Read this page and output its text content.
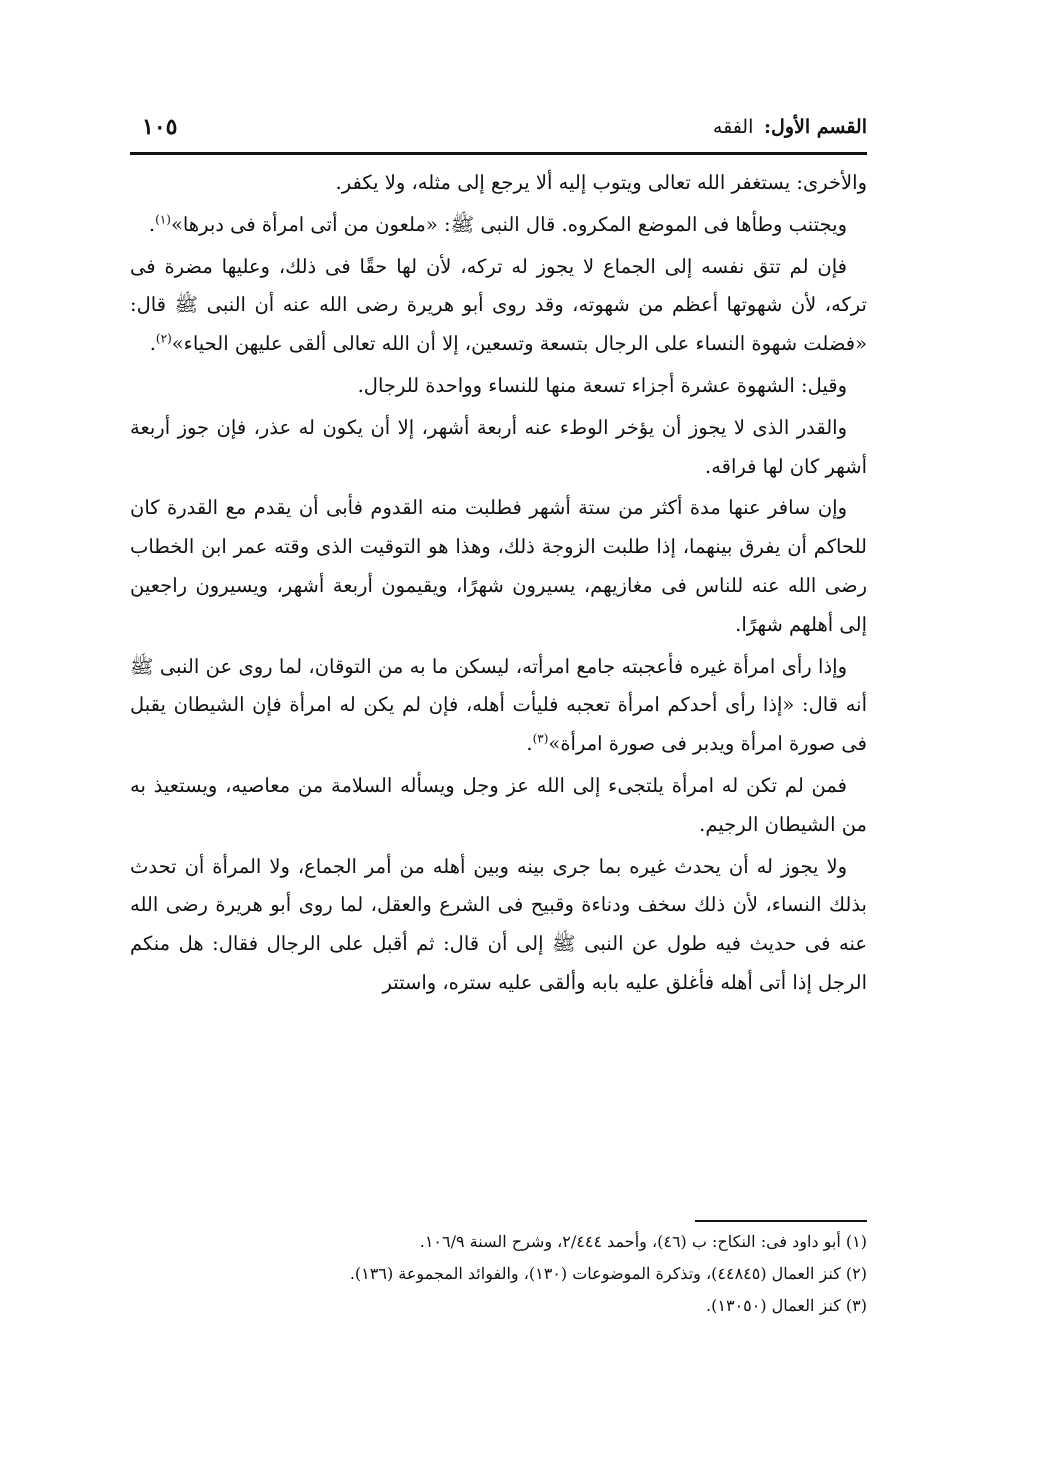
القسم الأول: الفقه
١٠٥

والأخرى: يستغفر الله تعالى ويتوب إليه ألا يرجع إلى مثله، ولا يكفر.

ويجتنب وطأها فى الموضع المكروه. قال النبى ﷺ: «ملعون من أتى امرأة فى دبرها»$^{(١)}$.

فإن لم تتق نفسه إلى الجماع لا يجوز له تركه، لأن لها حقًا فى ذلك، وعليها مضرة فى تركه، لأن شهوتها أعظم من شهوته، وقد روى أبو هريرة رضى الله عنه أن النبى ﷺ قال: «فضلت شهوة النساء على الرجال بتسعة وتسعين، إلا أن الله تعالى ألقى عليهن الحياء»$^{(٢)}$.

وقيل: الشهوة عشرة أجزاء تسعة منها للنساء وواحدة للرجال.

والقدر الذى لا يجوز أن يؤخر الوطء عنه أربعة أشهر، إلا أن يكون له عذر، فإن جوز أربعة أشهر كان لها فراقه.

وإن سافر عنها مدة أكثر من ستة أشهر فطلبت منه القدوم فأبى أن يقدم مع القدرة كان للحاكم أن يفرق بينهما، إذا طلبت الزوجة ذلك، وهذا هو التوقيت الذى وقته عمر ابن الخطاب رضى الله عنه للناس فى مغازيهم، يسيرون شهرًا، ويقيمون أربعة أشهر، ويسيرون راجعين إلى أهلهم شهرًا.

وإذا رأى امرأة غيره فأعجبته جامع امرأته، ليسكن ما به من التوقان، لما روى عن النبى ﷺ أنه قال: «إذا رأى أحدكم امرأة تعجبه فليأت أهله، فإن لم يكن له امرأة فإن الشيطان يقبل فى صورة امرأة ويدبر فى صورة امرأة»$^{(٣)}$.

فمن لم تكن له امرأة يلتجىء إلى الله عز وجل ويسأله السلامة من معاصيه، ويستعيذ به من الشيطان الرجيم.

ولا يجوز له أن يحدث غيره بما جرى بينه وبين أهله من أمر الجماع، ولا المرأة أن تحدث بذلك النساء، لأن ذلك سخف ودناءة وقبيح فى الشرع والعقل، لما روى أبو هريرة رضى الله عنه فى حديث فيه طول عن النبى ﷺ إلى أن قال: ثم أقبل على الرجال فقال: هل منكم الرجل إذا أتى أهله فأغلق عليه بابه وألقى عليه ستره، واستتر

(١) أبو داود فى: النكاح: ب (٤٦)، وأحمد ٢/٤٤٤، وشرح السنة ١٠٦/٩.

(٢) كنز العمال (٤٤٨٤٥)، وتذكرة الموضوعات (١٣٠)، والفوائد المجموعة (١٣٦).

(٣) كنز العمال (١٣٠٥٠).
